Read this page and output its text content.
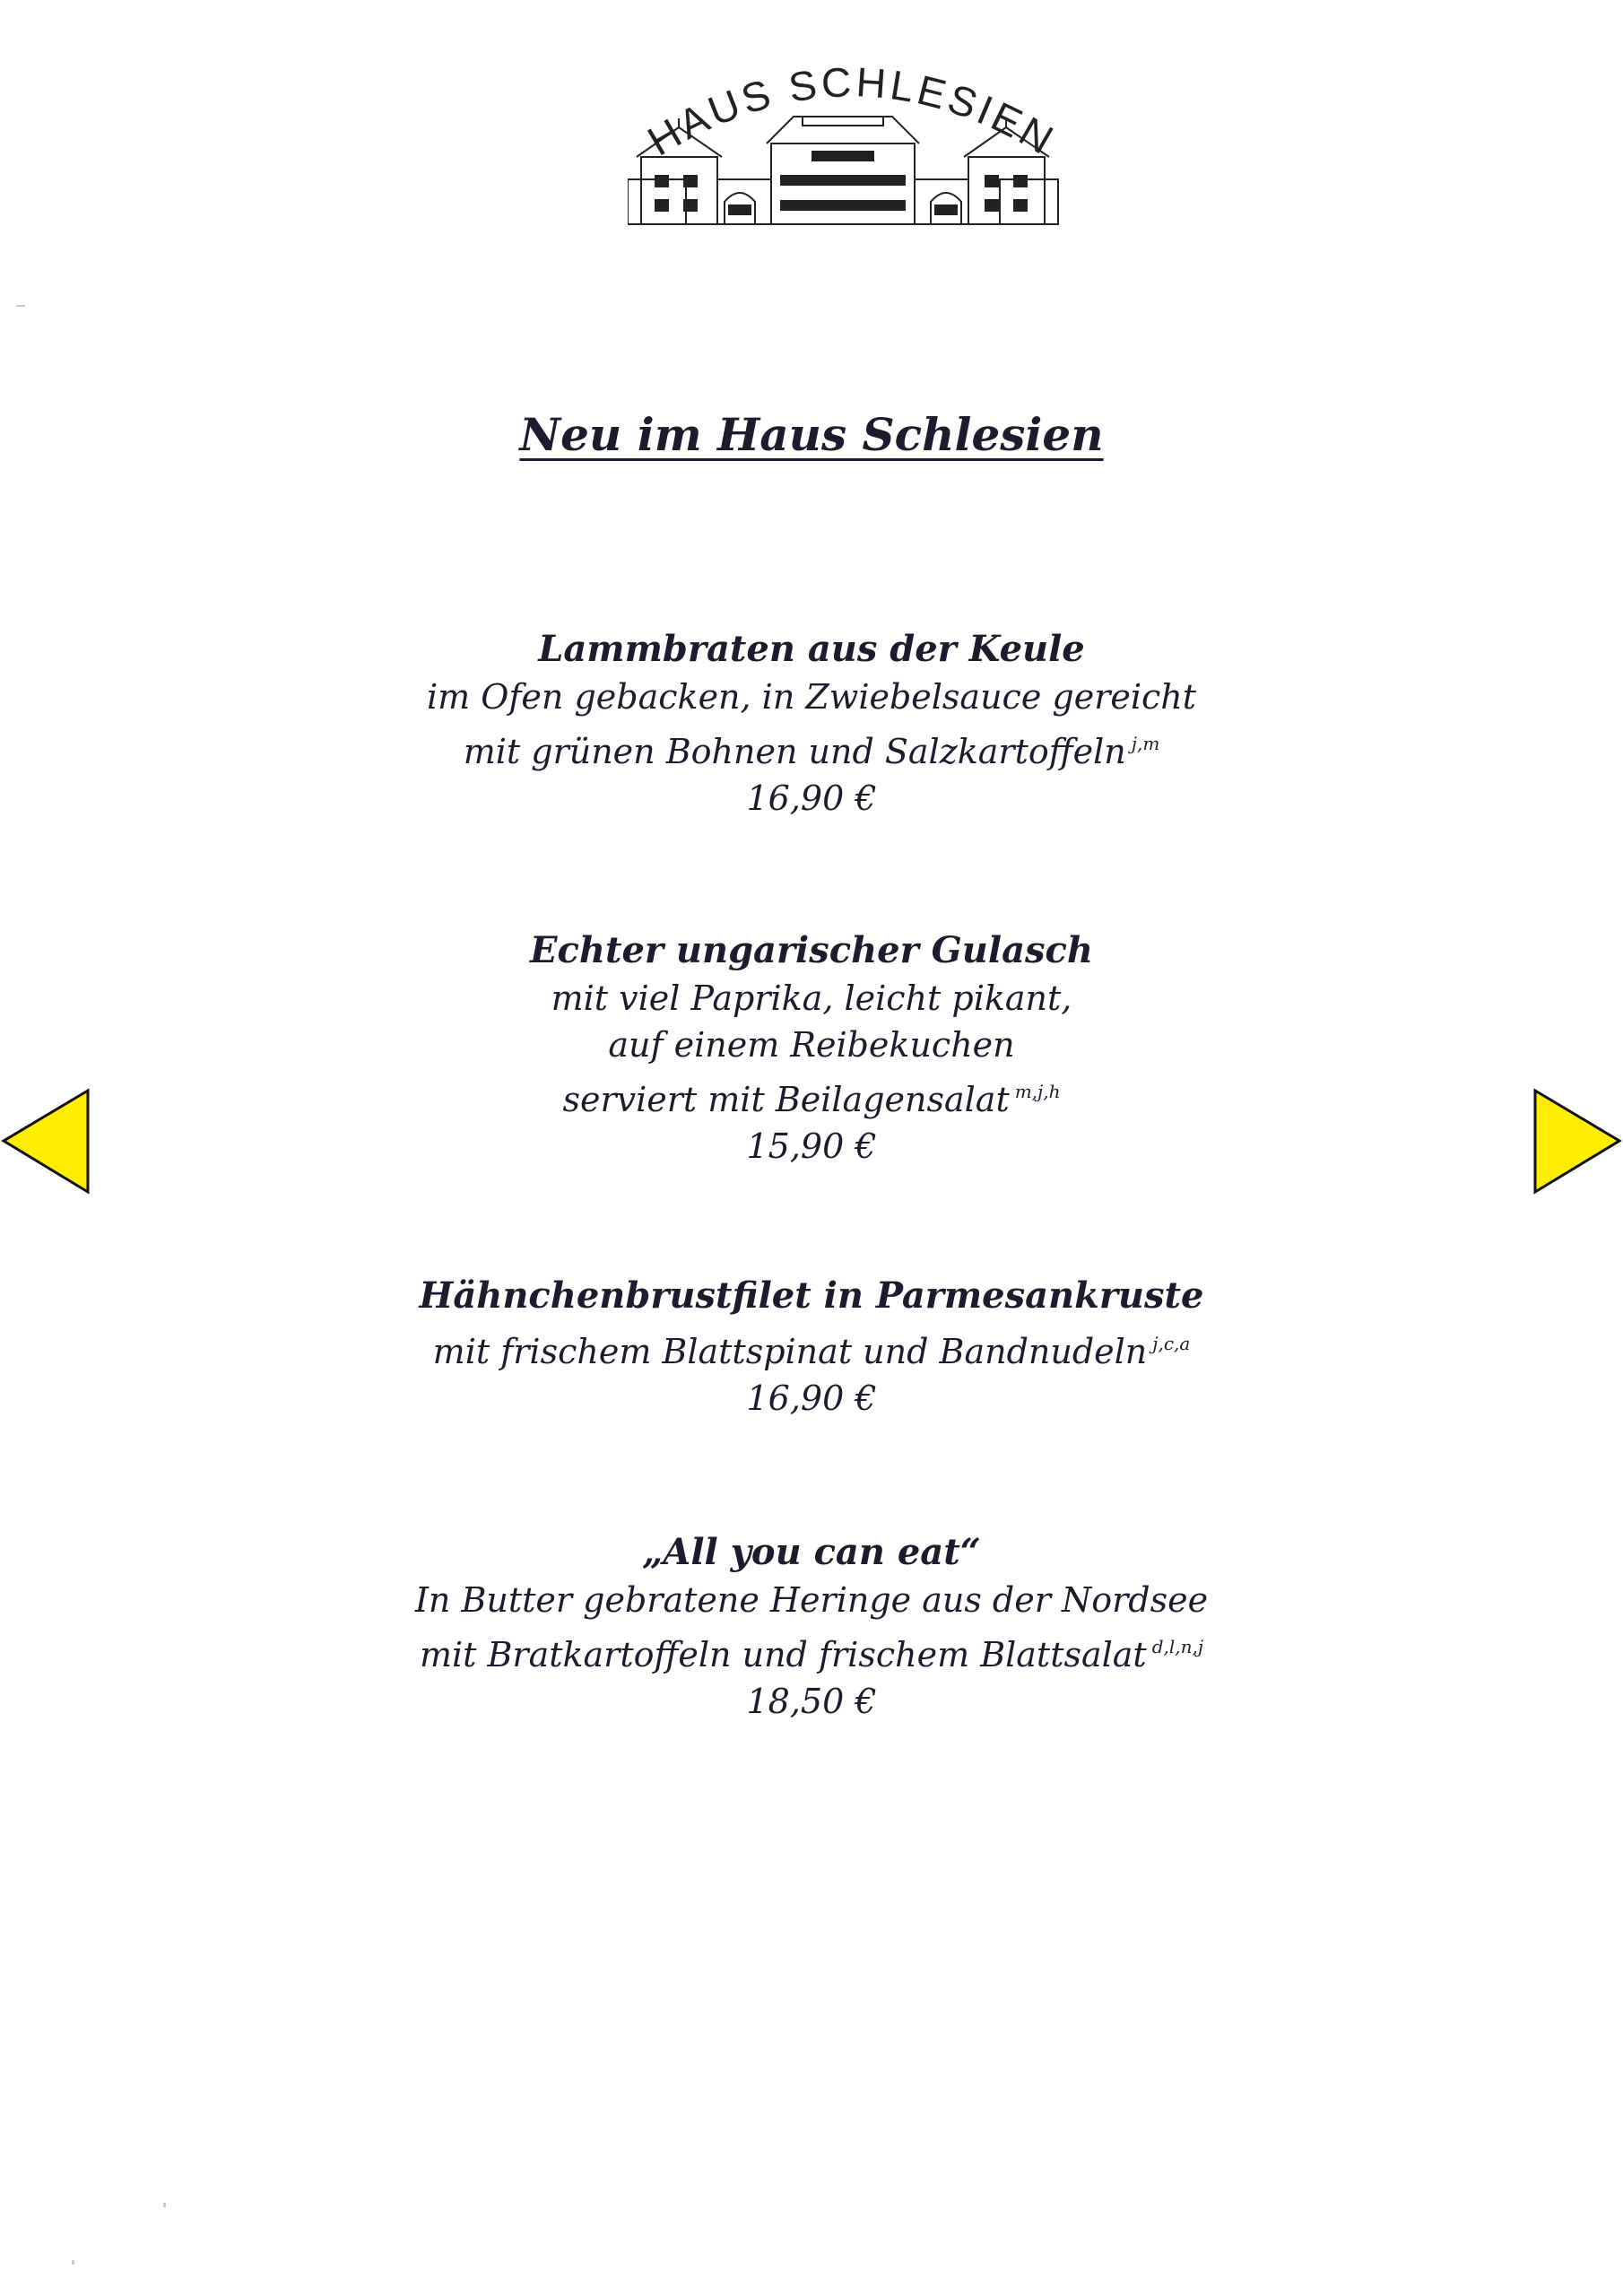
HAUS SCHLESIEN
Neu im Haus Schlesien
Lammbraten aus der Keule
im Ofen gebacken, in Zwiebelsauce gereicht
mit grünen Bohnen und Salzkartoffeln $^{j,m}$
16,90 €
Echter ungarischer Gulasch
mit viel Paprika, leicht pikant,
auf einem Reibekuchen
serviert mit Beilagensalat $^{m,j,h}$
15,90 €
Hähnchenbrustfilet in Parmesankruste
mit frischem Blattspinat und Bandnudeln $^{j,c,a}$
16,90 €
„All you can eat“
In Butter gebratene Heringe aus der Nordsee
mit Bratkartoffeln und frischem Blattsalat $^{d,l,n,j}$
18,50 €
